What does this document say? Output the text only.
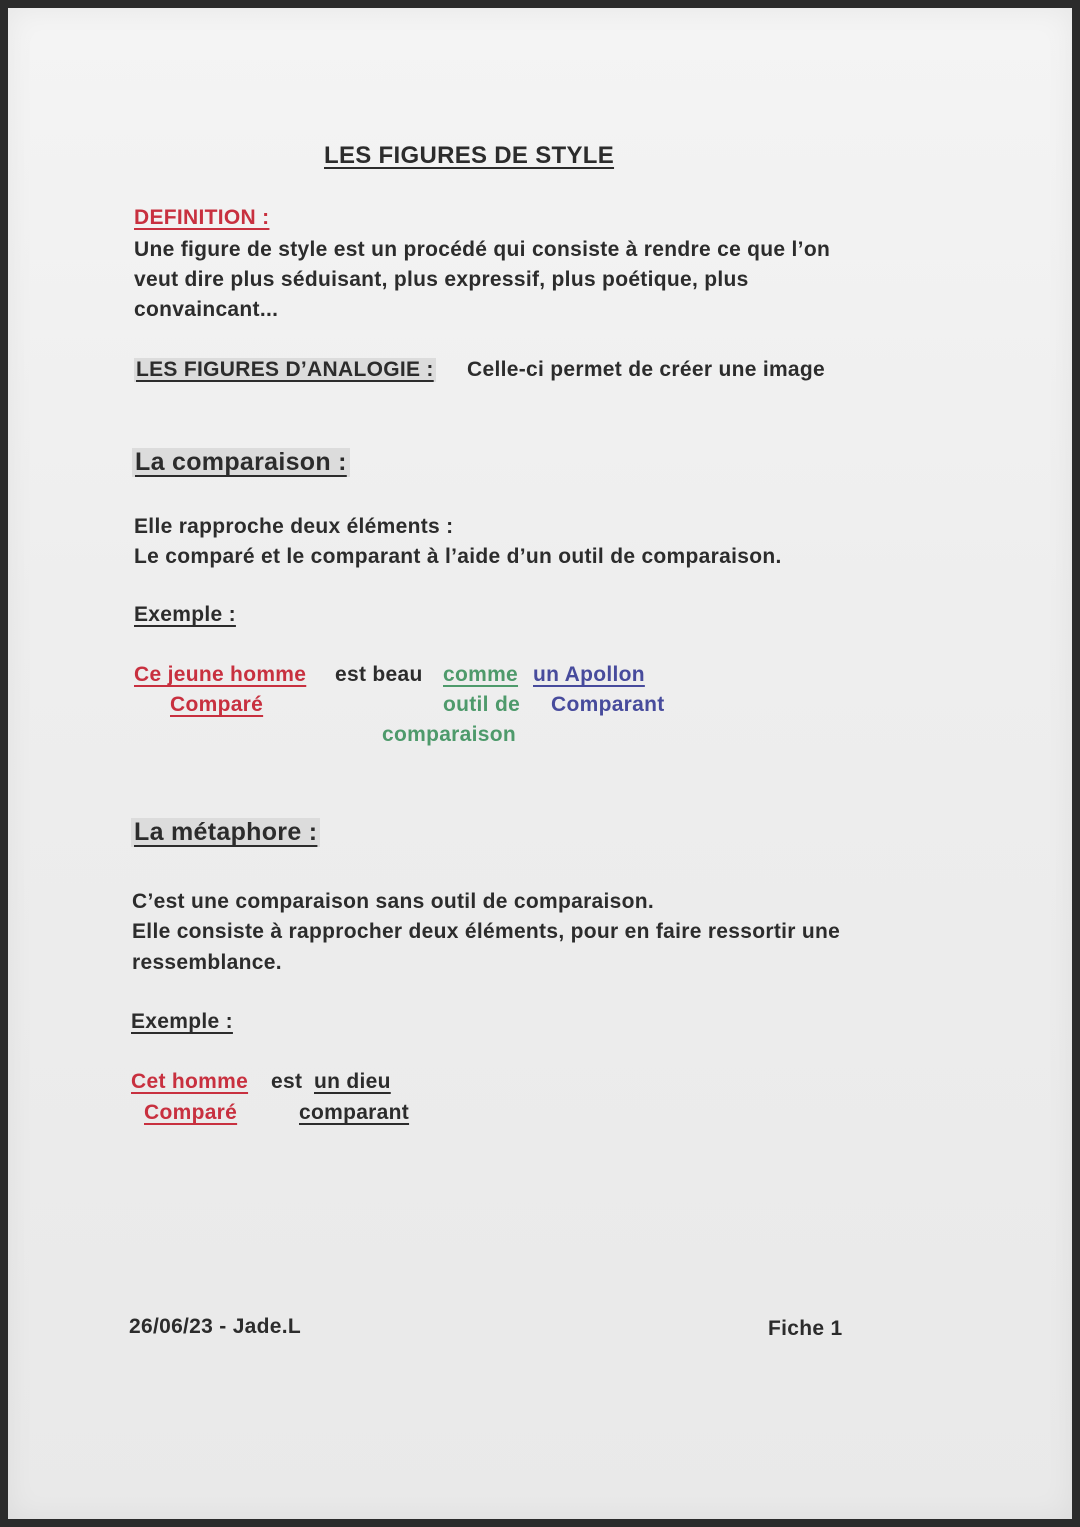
LES FIGURES DE STYLE
DEFINITION :
Une figure de style est un procédé qui consiste à rendre ce que l’on
veut dire plus séduisant, plus expressif, plus poétique, plus
convaincant...
LES FIGURES D’ANALOGIE : Celle-ci permet de créer une image
La comparaison :
Elle rapproche deux éléments :
Le comparé et le comparant à l’aide d’un outil de comparaison.
Exemple :
Ce jeune homme est beau comme un Apollon
Comparé	outil de Comparant
comparaison
La métaphore :
C’est une comparaison sans outil de comparaison.
Elle consiste à rapprocher deux éléments, pour en faire ressortir une
ressemblance.
Exemple :
Cet homme est un dieu
Comparé	comparant
26/06/23 - Jade.L	Fiche 1
